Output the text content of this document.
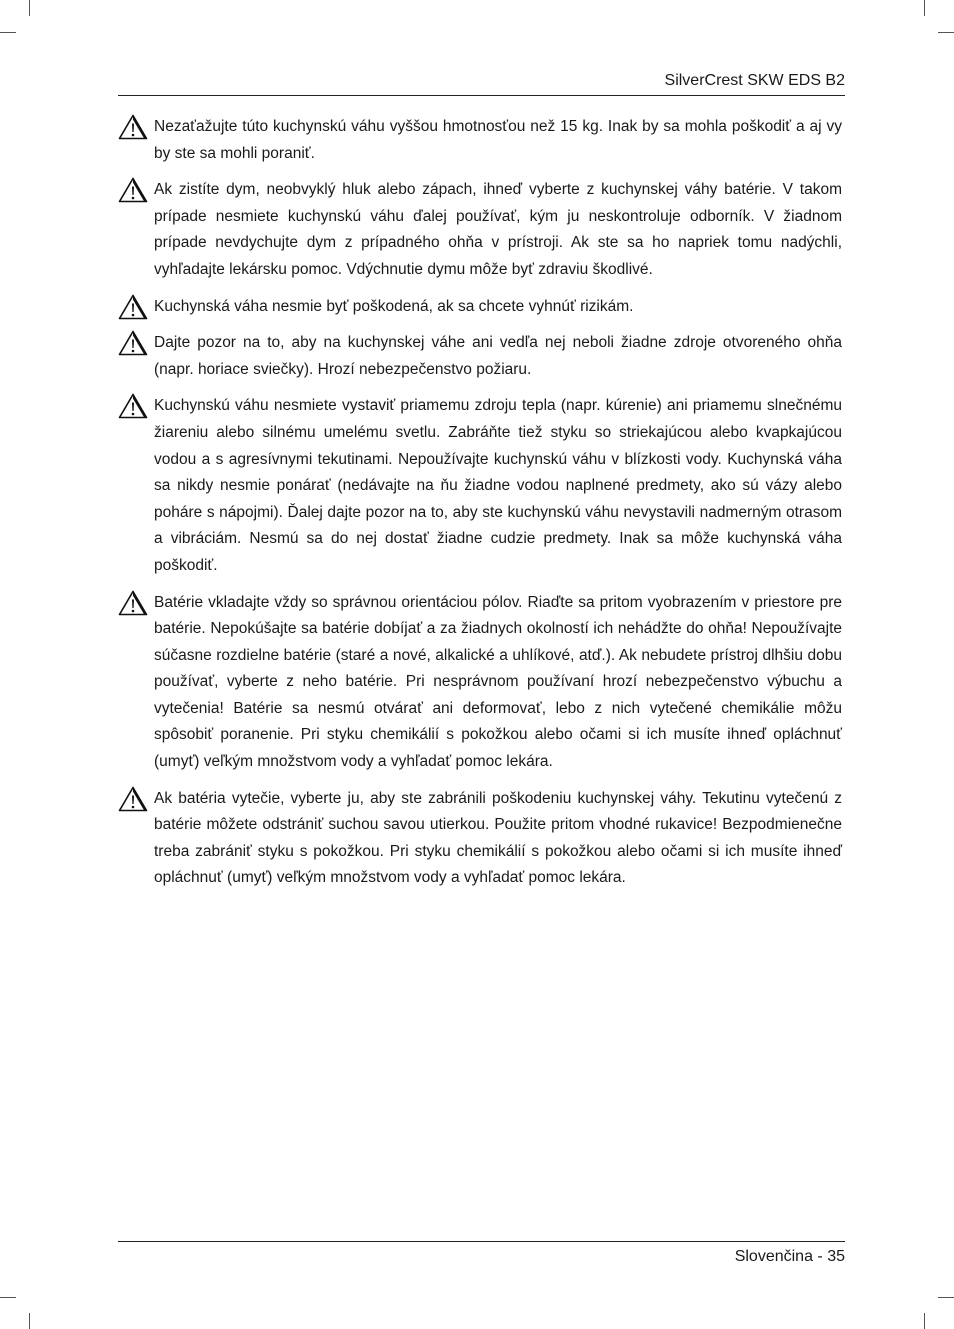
SilverCrest SKW EDS B2
Nezaťažujte túto kuchynskú váhu vyššou hmotnosťou než 15 kg. Inak by sa mohla poškodiť a aj vy by ste sa mohli poraniť.
Ak zistíte dym, neobvyklý hluk alebo zápach, ihneď vyberte z kuchynskej váhy batérie. V takom prípade nesmiete kuchynskú váhu ďalej používať, kým ju neskontroluje odborník. V žiadnom prípade nevdychujte dym z prípadného ohňa v prístroji. Ak ste sa ho napriek tomu nadýchli, vyhľadajte lekársku pomoc. Vdýchnutie dymu môže byť zdraviu škodlivé.
Kuchynská váha nesmie byť poškodená, ak sa chcete vyhnúť rizikám.
Dajte pozor na to, aby na kuchynskej váhe ani vedľa nej neboli žiadne zdroje otvoreného ohňa (napr. horiace sviečky). Hrozí nebezpečenstvo požiaru.
Kuchynskú váhu nesmiete vystaviť priamemu zdroju tepla (napr. kúrenie) ani priamemu slnečnému žiareniu alebo silnému umelému svetlu. Zabráňte tiež styku so striekajúcou alebo kvapkajúcou vodou a s agresívnymi tekutinami. Nepoužívajte kuchynskú váhu v blízkosti vody. Kuchynská váha sa nikdy nesmie ponárať (nedávajte na ňu žiadne vodou naplnené predmety, ako sú vázy alebo poháre s nápojmi). Ďalej dajte pozor na to, aby ste kuchynskú váhu nevystavili nadmerným otrasom a vibráciám. Nesmú sa do nej dostať žiadne cudzie predmety. Inak sa môže kuchynská váha poškodiť.
Batérie vkladajte vždy so správnou orientáciou pólov. Riaďte sa pritom vyobrazením v priestore pre batérie. Nepokúšajte sa batérie dobíjať a za žiadnych okolností ich nehádžte do ohňa! Nepoužívajte súčasne rozdielne batérie (staré a nové, alkalické a uhlíkové, atď.). Ak nebudete prístroj dlhšiu dobu používať, vyberte z neho batérie. Pri nesprávnom používaní hrozí nebezpečenstvo výbuchu a vytečenia! Batérie sa nesmú otvárať ani deformovať, lebo z nich vytečené chemikálie môžu spôsobiť poranenie. Pri styku chemikálií s pokožkou alebo očami si ich musíte ihneď opláchnuť (umyť) veľkým množstvom vody a vyhľadať pomoc lekára.
Ak batéria vytečie, vyberte ju, aby ste zabránili poškodeniu kuchynskej váhy. Tekutinu vytečenú z batérie môžete odstrániť suchou savou utierkou. Použite pritom vhodné rukavice! Bezpodmienečne treba zabrániť styku s pokožkou. Pri styku chemikálií s pokožkou alebo očami si ich musíte ihneď opláchnuť (umyť) veľkým množstvom vody a vyhľadať pomoc lekára.
Slovenčina - 35
